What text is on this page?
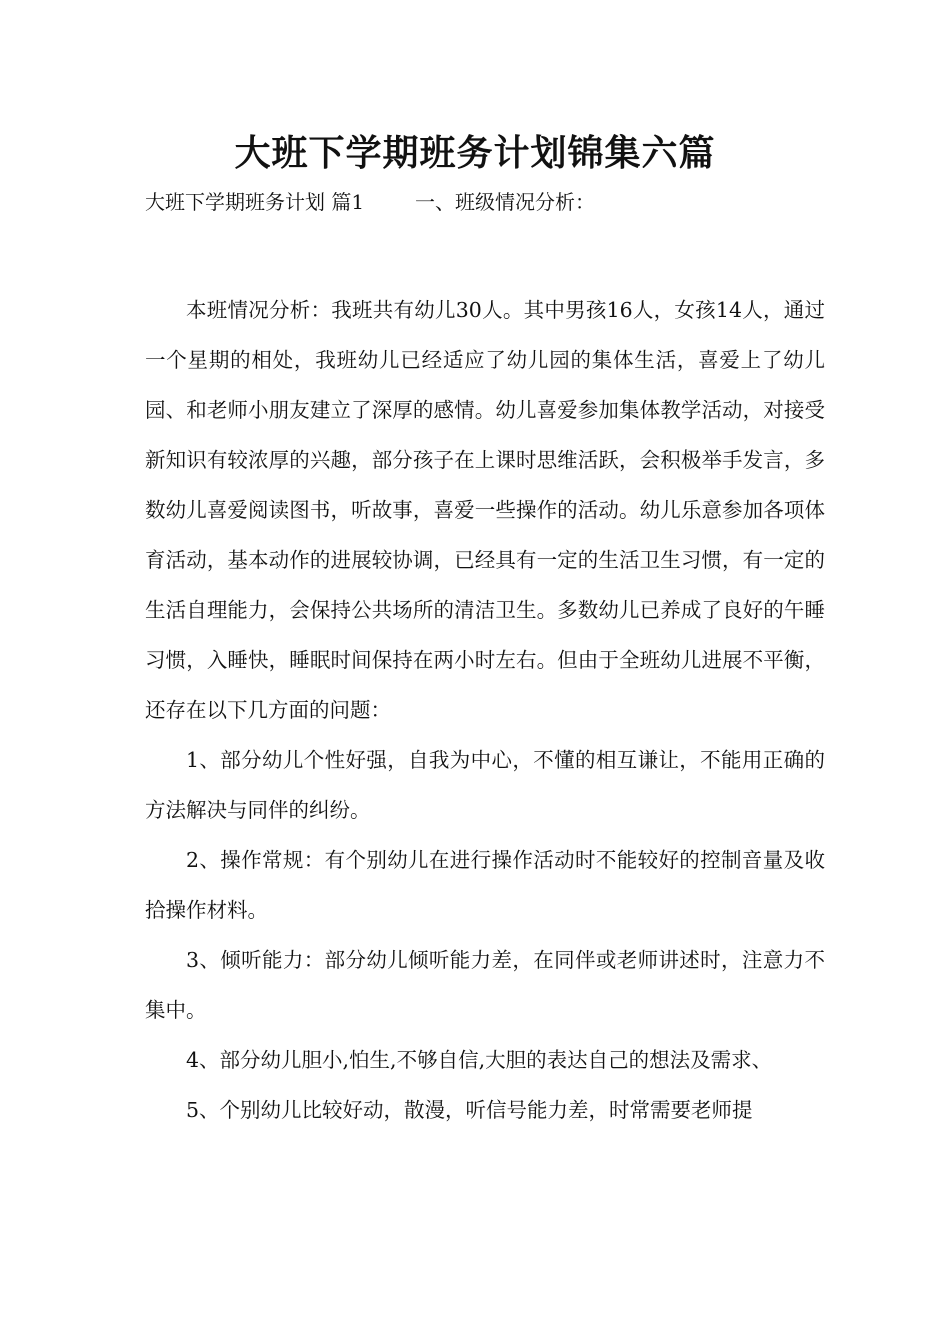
大班下学期班务计划锦集六篇
大班下学期班务计划 篇1        一、班级情况分析：

本班情况分析：我班共有幼儿30人。其中男孩16人，女孩14人，通过一个星期的相处，我班幼儿已经适应了幼儿园的集体生活，喜爱上了幼儿园、和老师小朋友建立了深厚的感情。幼儿喜爱参加集体教学活动，对接受新知识有较浓厚的兴趣，部分孩子在上课时思维活跃，会积极举手发言，多数幼儿喜爱阅读图书，听故事，喜爱一些操作的活动。幼儿乐意参加各项体育活动，基本动作的进展较协调，已经具有一定的生活卫生习惯，有一定的生活自理能力，会保持公共场所的清洁卫生。多数幼儿已养成了良好的午睡习惯，入睡快，睡眠时间保持在两小时左右。但由于全班幼儿进展不平衡，还存在以下几方面的问题：

1、部分幼儿个性好强，自我为中心，不懂的相互谦让，不能用正确的方法解决与同伴的纠纷。

2、操作常规：有个别幼儿在进行操作活动时不能较好的控制音量及收拾操作材料。

3、倾听能力：部分幼儿倾听能力差，在同伴或老师讲述时，注意力不集中。

4、部分幼儿胆小,怕生,不够自信,大胆的表达自己的想法及需求、

5、个别幼儿比较好动，散漫，听信号能力差，时常需要老师提
